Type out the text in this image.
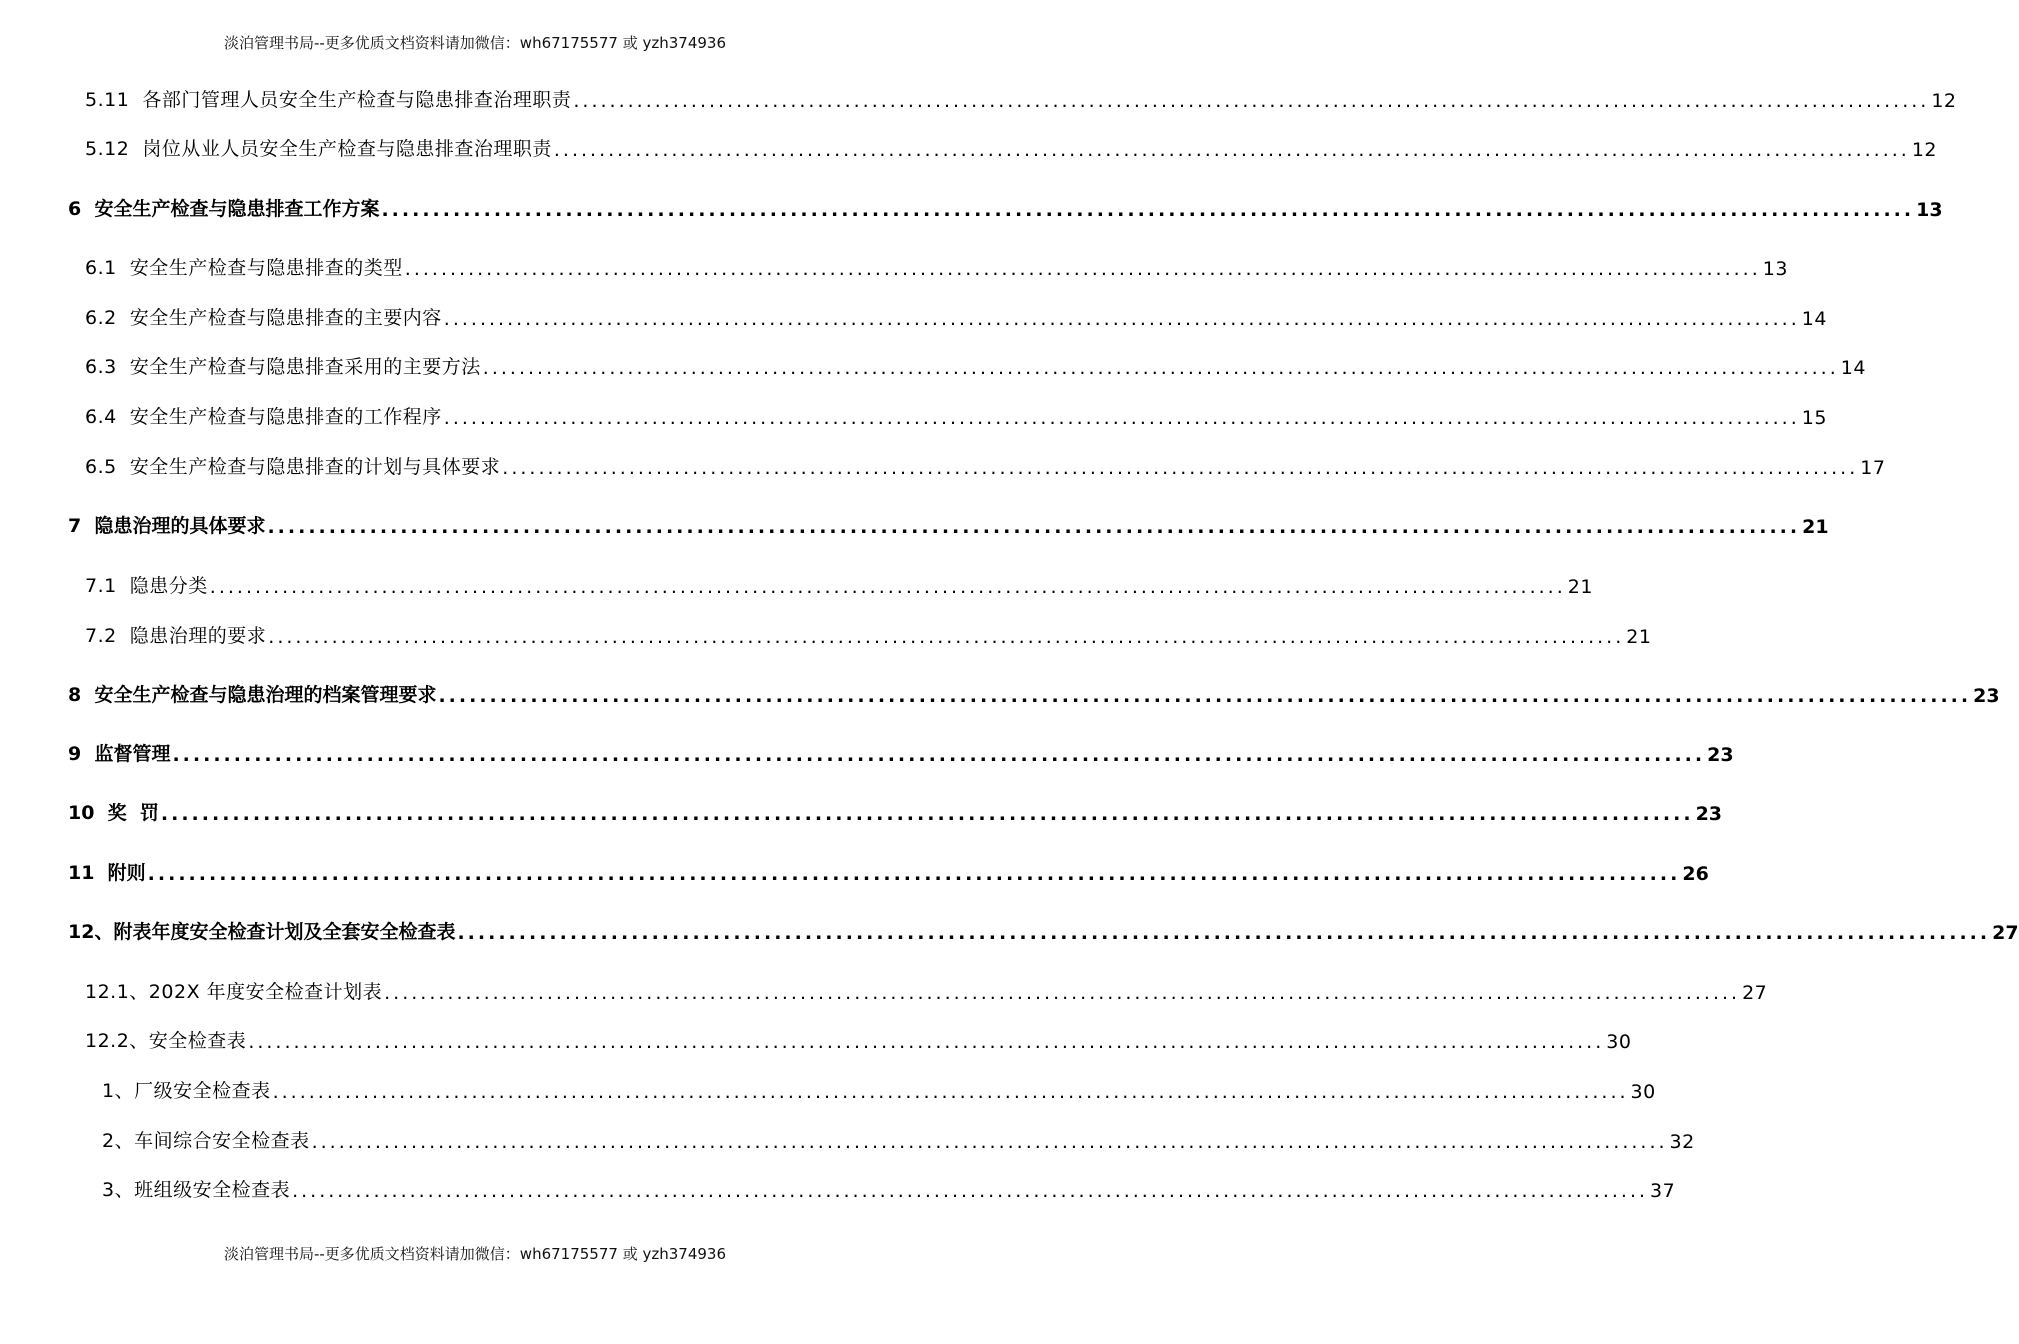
淡泊管理书局--更多优质文档资料请加微信：wh67175577 或 yzh374936
5.11  各部门管理人员安全生产检查与隐患排查治理职责 ...................................................................................................................................................... 12
5.12  岗位从业人员安全生产检查与隐患排查治理职责 ...................................................................................................................................................... 12
6  安全生产检查与隐患排查工作方案 ...................................................................................................................................................... 13
6.1  安全生产检查与隐患排查的类型 ...................................................................................................................................................... 13
6.2  安全生产检查与隐患排查的主要内容 ...................................................................................................................................................... 14
6.3  安全生产检查与隐患排查采用的主要方法 ...................................................................................................................................................... 14
6.4  安全生产检查与隐患排查的工作程序 ...................................................................................................................................................... 15
6.5  安全生产检查与隐患排查的计划与具体要求 ...................................................................................................................................................... 17
7  隐患治理的具体要求 ...................................................................................................................................................... 21
7.1  隐患分类 ...................................................................................................................................................... 21
7.2  隐患治理的要求 ...................................................................................................................................................... 21
8  安全生产检查与隐患治理的档案管理要求 ...................................................................................................................................................... 23
9  监督管理 ...................................................................................................................................................... 23
10  奖  罚 ...................................................................................................................................................... 23
11  附则 ...................................................................................................................................................... 26
12、附表年度安全检查计划及全套安全检查表 ...................................................................................................................................................... 27
12.1、202X 年度安全检查计划表 ...................................................................................................................................................... 27
12.2、安全检查表 ...................................................................................................................................................... 30
1、厂级安全检查表 ...................................................................................................................................................... 30
2、车间综合安全检查表 ...................................................................................................................................................... 32
3、班组级安全检查表 ...................................................................................................................................................... 37
淡泊管理书局--更多优质文档资料请加微信：wh67175577 或 yzh374936
